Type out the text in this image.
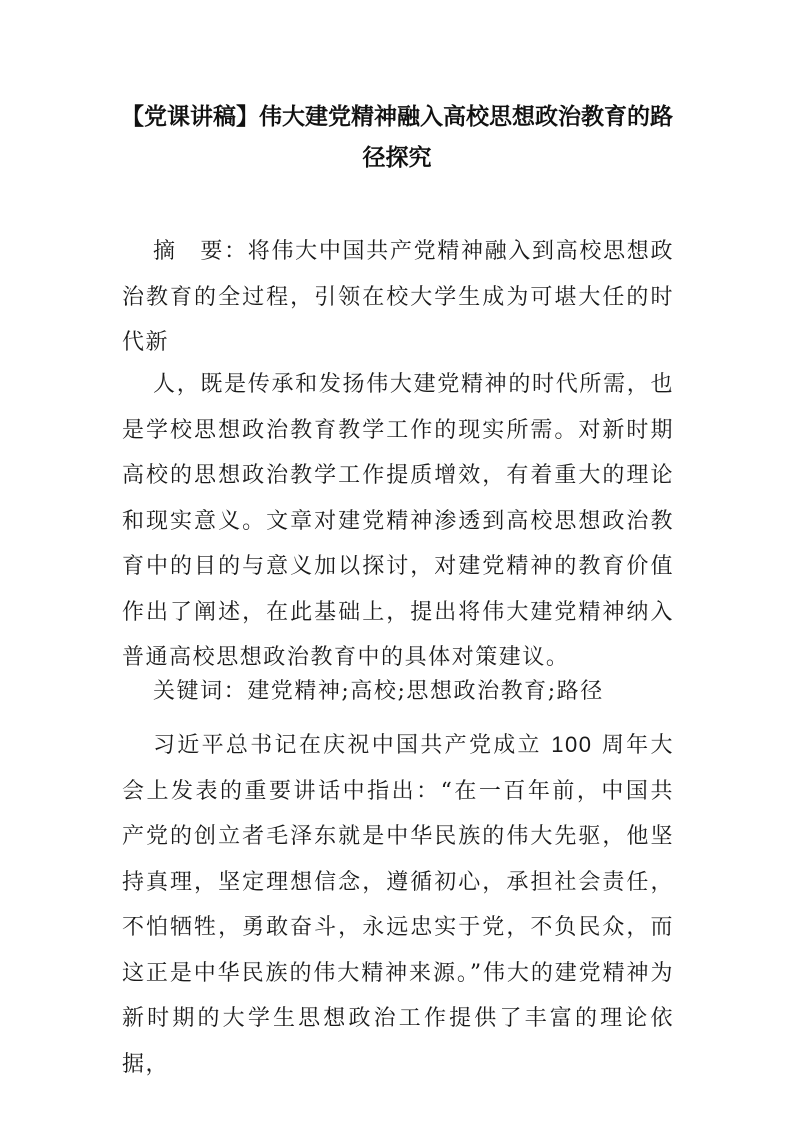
【党课讲稿】伟大建党精神融入高校思想政治教育的路径探究

摘　要：将伟大中国共产党精神融入到高校思想政治教育的全过程，引领在校大学生成为可堪大任的时代新

人，既是传承和发扬伟大建党精神的时代所需，也是学校思想政治教育教学工作的现实所需。对新时期高校的思想政治教学工作提质增效，有着重大的理论和现实意义。文章对建党精神渗透到高校思想政治教育中的目的与意义加以探讨，对建党精神的教育价值作出了阐述，在此基础上，提出将伟大建党精神纳入普通高校思想政治教育中的具体对策建议。

关键词：建党精神;高校;思想政治教育;路径

习近平总书记在庆祝中国共产党成立 100 周年大会上发表的重要讲话中指出：“在一百年前，中国共产党的创立者毛泽东就是中华民族的伟大先驱，他坚持真理，坚定理想信念，遵循初心，承担社会责任，不怕牺牲，勇敢奋斗，永远忠实于党，不负民众，而这正是中华民族的伟大精神来源。”伟大的建党精神为新时期的大学生思想政治工作提供了丰富的理论依据，
